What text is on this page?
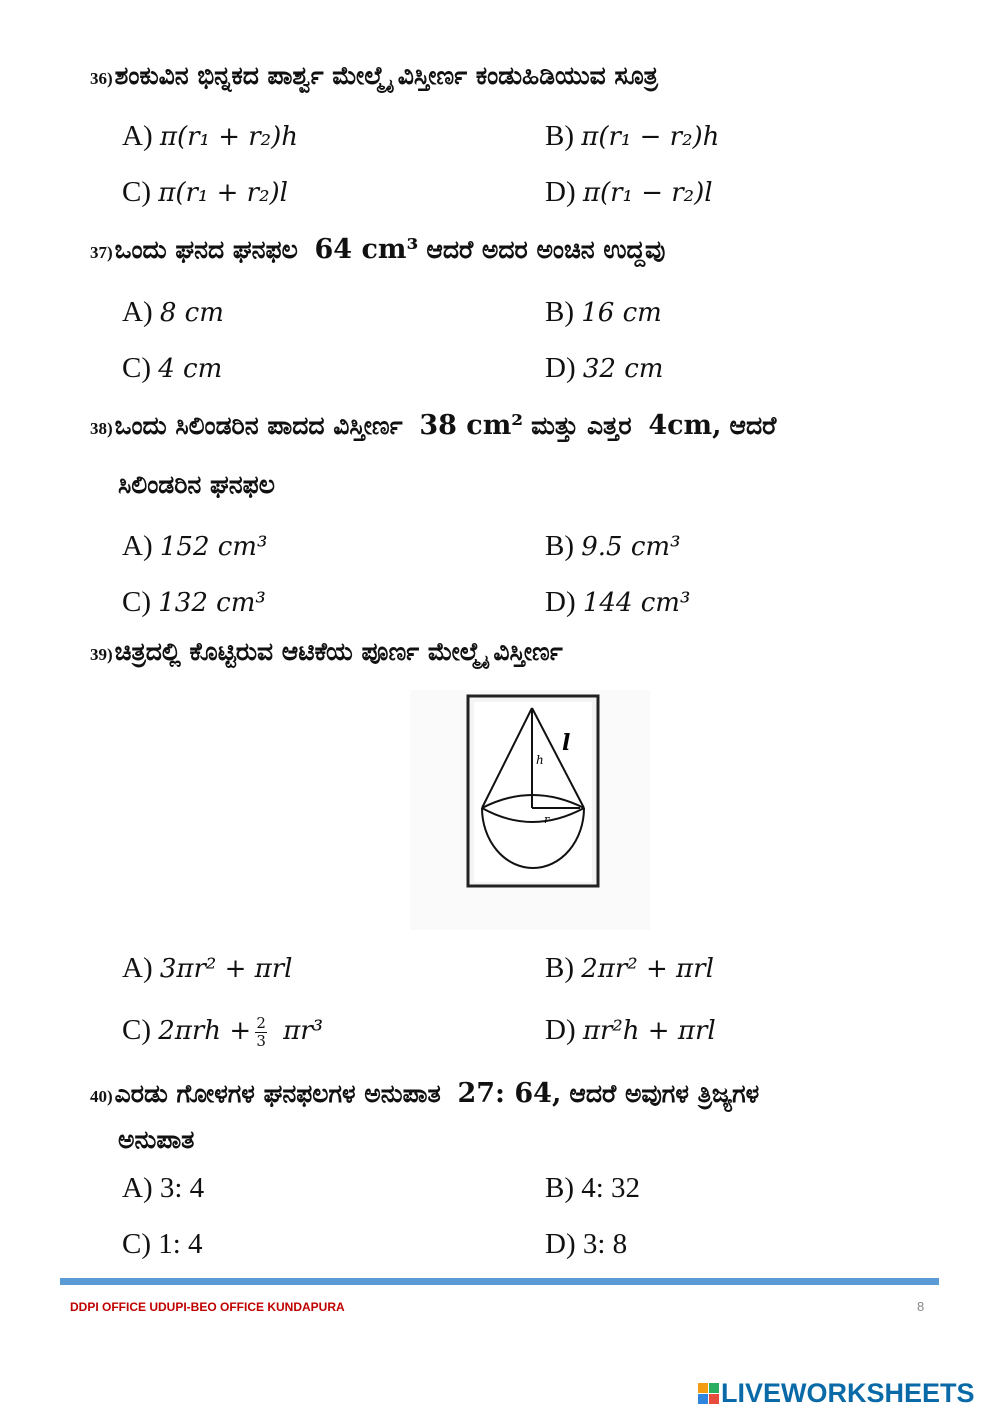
36)ಶಂಕುವಿನ ಭಿನ್ನಕದ ಪಾರ್ಶ್ವ ಮೇಲ್ಮೈ ವಿಸ್ತೀರ್ಣ ಕಂಡುಹಿಡಿಯುವ ಸೂತ್ರ
A) π(r₁ + r₂)h	B) π(r₁ − r₂)h
C) π(r₁ + r₂)l	D) π(r₁ − r₂)l
37)ಒಂದು ಘನದ ಘನಫಲ 64 cm³ ಆದರೆ ಅದರ ಅಂಚಿನ ಉದ್ದವು
A) 8 cm	B) 16 cm
C) 4 cm	D) 32 cm
38)ಒಂದು ಸಿಲಿಂಡರಿನ ಪಾದದ ವಿಸ್ತೀರ್ಣ 38 cm² ಮತ್ತು ಎತ್ತರ 4cm, ಆದರೆ
ಸಿಲಿಂಡರಿನ ಘನಫಲ
A) 152 cm³	B) 9.5 cm³
C) 132 cm³	D) 144 cm³
39)ಚಿತ್ರದಲ್ಲಿ ಕೊಟ್ಟಿರುವ ಆಟಿಕೆಯ ಪೂರ್ಣ ಮೇಲ್ಮೈ ವಿಸ್ತೀರ್ಣ
h
l
r
A) 3πr² + πrl	B) 2πr² + πrl
C) $2\pi rh + \frac{2}{3} \pi r^3$	D) πr²h + πrl
40)ಎರಡು ಗೋಳಗಳ ಘನಫಲಗಳ ಅನುಪಾತ 27: 64, ಆದರೆ ಅವುಗಳ ತ್ರಿಜ್ಯಗಳ
ಅನುಪಾತ
A) 3: 4	B) 4: 32
C) 1: 4	D) 3: 8
DDPI OFFICE UDUPI-BEO OFFICE KUNDAPURA	8
LIVEWORKSHEETS
